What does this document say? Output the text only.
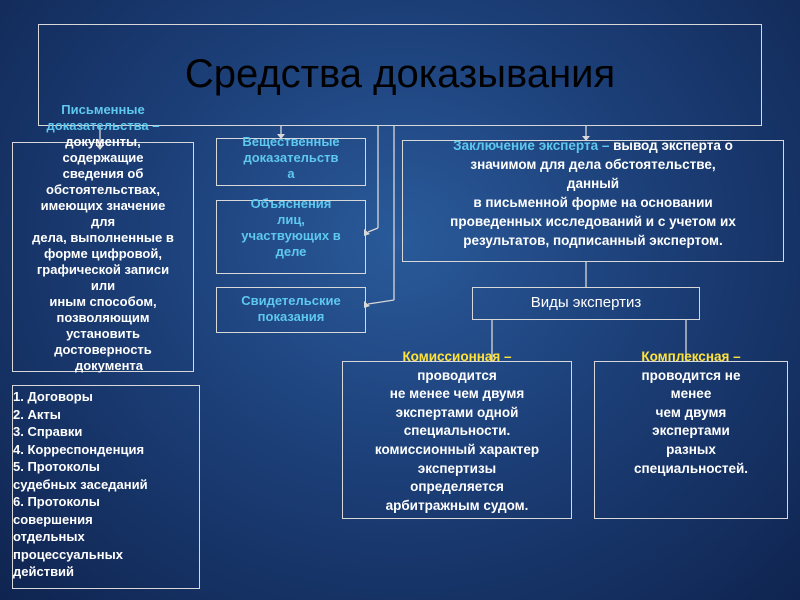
Средства доказывания
Письменные доказательства –
документы,
содержащие
сведения об
обстоятельствах,
имеющих значение
для
дела, выполненные в
форме цифровой,
графической записи
или
иным способом,
позволяющим
установить
достоверность
документа
1. Договоры
2. Акты
3. Справки
4. Корреспонденция
5. Протоколы
судебных заседаний
6. Протоколы
совершения
отдельных
процессуальных
действий
Вещественные
доказательств
а
Объяснения
лиц,
участвующих в
деле
Свидетельские
показания
Заключение эксперта – вывод эксперта о
значимом для дела обстоятельстве,
данный
в письменной форме на основании
проведенных исследований и с учетом их
результатов, подписанный экспертом.
Виды экспертиз
Комиссионная –
проводится
не менее чем двумя
экспертами одной
специальности.
комиссионный характер
экспертизы
определяется
арбитражным судом.
Комплексная –
проводится не
менее
чем двумя
экспертами
разных
специальностей.
